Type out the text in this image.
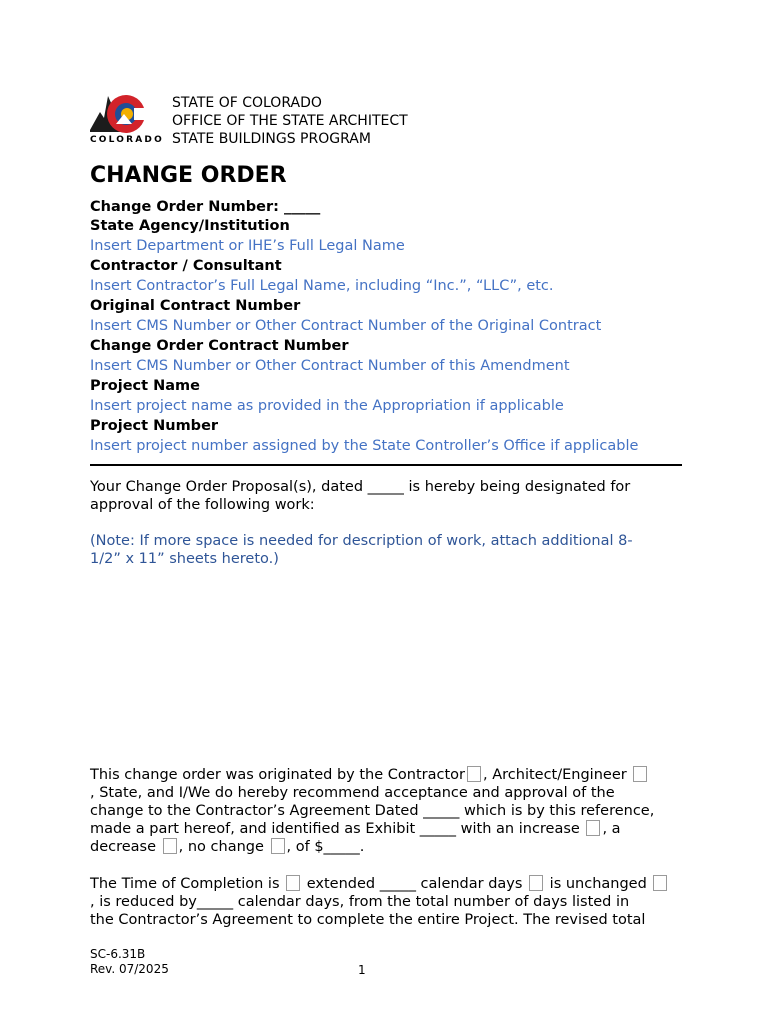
COLORADO
STATE OF COLORADO
OFFICE OF THE STATE ARCHITECT
STATE BUILDINGS PROGRAM
CHANGE ORDER
Change Order Number: _____
State Agency/Institution
Insert Department or IHE’s Full Legal Name
Contractor / Consultant
Insert Contractor’s Full Legal Name, including “Inc.”, “LLC”, etc.
Original Contract Number
Insert CMS Number or Other Contract Number of the Original Contract
Change Order Contract Number
Insert CMS Number or Other Contract Number of this Amendment
Project Name
Insert project name as provided in the Appropriation if applicable
Project Number
Insert project number assigned by the State Controller’s Office if applicable

Your Change Order Proposal(s), dated _____ is hereby being designated for
approval of the following work:

(Note: If more space is needed for description of work, attach additional 8-
1/2” x 11” sheets hereto.)

This change order was originated by the Contractor , Architect/Engineer
, State, and I/We do hereby recommend acceptance and approval of the
change to the Contractor’s Agreement Dated _____ which is by this reference,
made a part hereof, and identified as Exhibit _____ with an increase , a
decrease , no change , of $_____.

The Time of Completion is extended _____ calendar days is unchanged
, is reduced by_____ calendar days, from the total number of days listed in
the Contractor’s Agreement to complete the entire Project. The revised total

SC-6.31B
Rev. 07/2025	1
